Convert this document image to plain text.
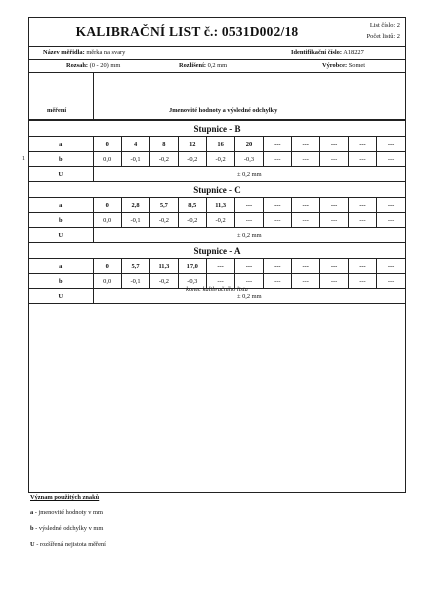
1
KALIBRAČNÍ LIST č.: 0531D002/18	List číslo: 2
Počet listů: 2
Název měřidla: měrka na svary	Identifikační číslo: A18227
Rozsah: (0 - 20) mm	Rozlišení: 0,2 mm	Výrobce: Somet
měření	Jmenovité hodnoty a výsledné odchylky
Stupnice - B											
a	0	4	8	12	16	20	---	---	---	---	---
b	0,0	-0,1	-0,2	-0,2	-0,2	-0,3	---	---	---	---	---
U	± 0,2 mm										
Stupnice - C											
a	0	2,8	5,7	8,5	11,3	---	---	---	---	---	---
b	0,0	-0,1	-0,2	-0,2	-0,2	---	---	---	---	---	---
U	± 0,2 mm										
Stupnice - A											
a	0	5,7	11,3	17,0	---	---	---	---	---	---	---
b	0,0	-0,1	-0,2	-0,3	---	---	---	---	---	---	---
U	± 0,2 mm										
konec kalibračního listu
Význam použitých znaků
a - jmenovité hodnoty v mm
b - výsledné odchylky v mm
U - rozšířená nejistota měření
